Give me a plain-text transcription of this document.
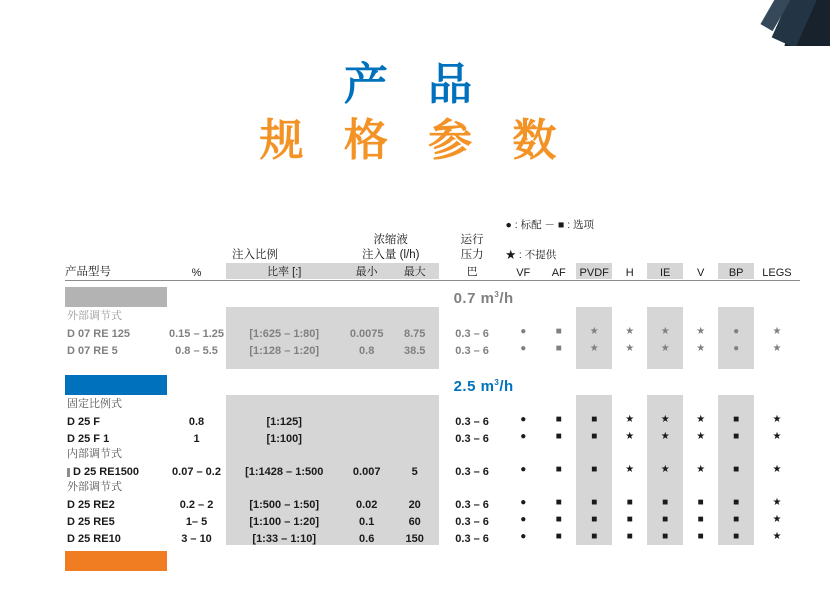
产 品
规 格 参 数

						● : 标配 － ■ : 选项							

	注入比例	
浓缩液
注入量 (l/h)

运行
压力	★ : 不提供

产品型号	%	比率 [:]	最小	最大	巴	VF	AF	PVDF	H	IE	V	BP	LEGS

	0.7 $m^3/h$												

外部调节式													
D 07 RE 125	0.15 – 1.25	[1:625 – 1:80]	0.0075	8.75	0.3 – 6	●	■	★	★	★	★	●	★
D 07 RE 5	0.8 – 5.5	[1:128 – 1:20]	0.8	38.5	0.3 – 6	●	■	★	★	★	★	●	★

	2.5 $m^3/h$												

固定比例式													
D 25 F	0.8	[1:125]			0.3 – 6	●	■	■	★	★	★	■	★
D 25 F 1	1	[1:100]			0.3 – 6	●	■	■	★	★	★	■	★
内部调节式													
D 25 RE1500	0.07 – 0.2	[1:1428 – 1:500	0.007	5	0.3 – 6	●	■	■	★	★	★	■	★
外部调节式													
D 25 RE2	0.2 – 2	[1:500 – 1:50]	0.02	20	0.3 – 6	●	■	■	■	■	■	■	★
D 25 RE5	1– 5	[1:100 – 1:20]	0.1	60	0.3 – 6	●	■	■	■	■	■	■	★
D 25 RE10	3 – 10	[1:33 – 1:10]	0.6	150	0.3 – 6	●	■	■	■	■	■	■	★
